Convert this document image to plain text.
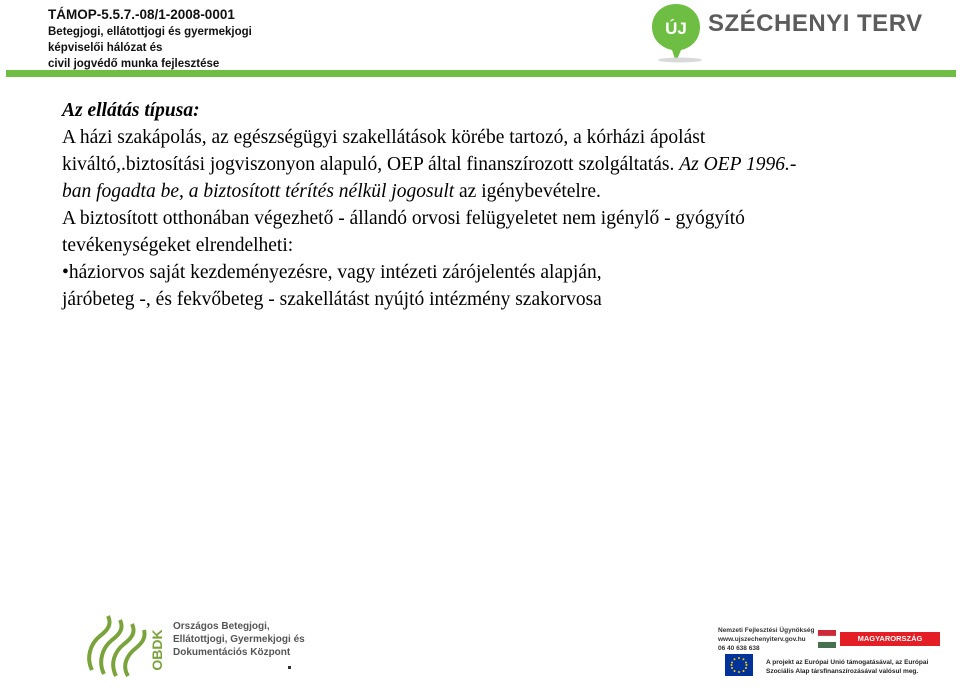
TÁMOP-5.5.7.-08/1-2008-0001
Betegjogi, ellátottjogi és gyermekjogi
képviselői hálózat és
civil jogvédő munka fejlesztése
ÚJ SZÉCHENYI TERV

Az ellátás típusa:

A házi szakápolás, az egészségügyi szakellátások körébe tartozó, a kórházi ápolást

kiváltó,.biztosítási jogviszonyon alapuló, OEP által finanszírozott szolgáltatás. Az OEP 1996.-

ban fogadta be, a biztosított térítés nélkül jogosult az igénybevételre.

A biztosított otthonában végezhető - állandó orvosi felügyeletet nem igénylő - gyógyító

tevékenységeket elrendelheti:

•háziorvos saját kezdeményezésre, vagy intézeti zárójelentés alapján,

járóbeteg -, és fekvőbeteg - szakellátást nyújtó intézmény szakorvosa

OBDK
Országos Betegjogi,
Ellátottjogi, Gyermekjogi és
Dokumentációs Központ
Nemzeti Fejlesztési Ügynökség
www.ujszechenyiterv.gov.hu
06 40 638 638
MAGYARORSZÁG MEGÚJUL
A projekt az Európai Unió támogatásával, az Európai
Szociális Alap társfinanszírozásával valósul meg.
